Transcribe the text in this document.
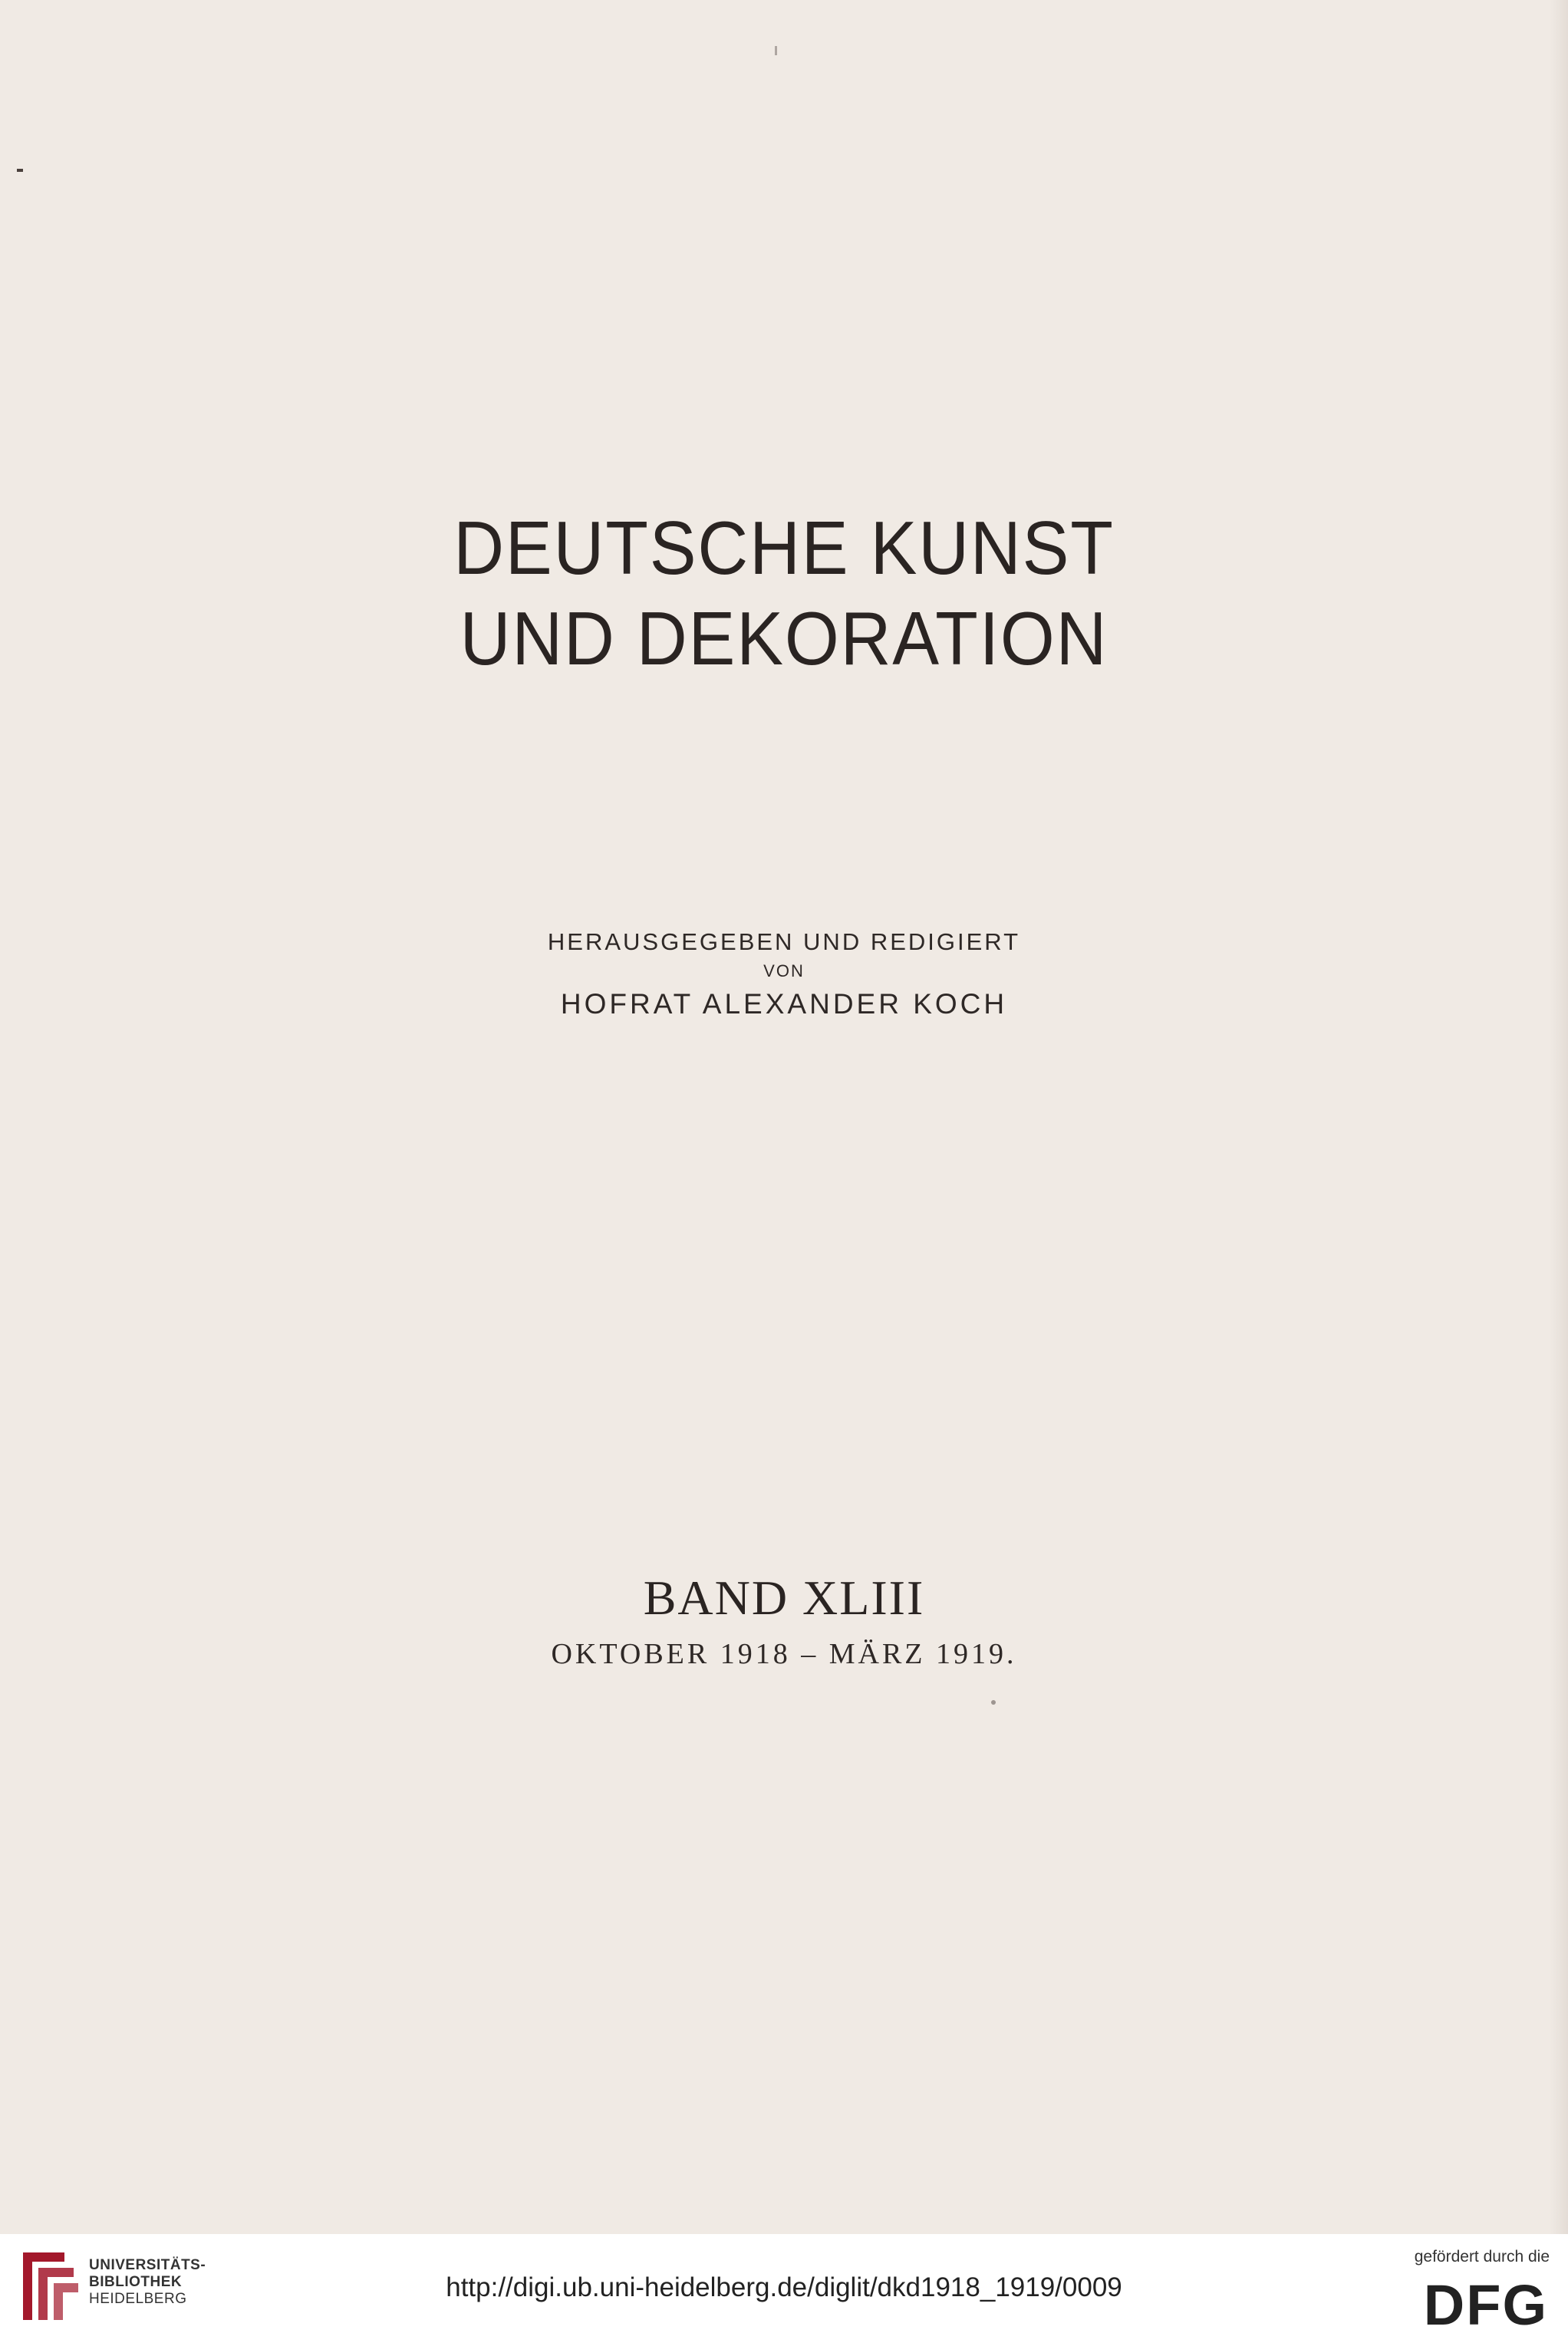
DEUTSCHE KUNST
UND DEKORATION
HERAUSGEGEBEN UND REDIGIERT
VON
HOFRAT ALEXANDER KOCH
BAND XLIII
OKTOBER 1918 – MÄRZ 1919.
UNIVERSITÄTS-
BIBLIOTHEK
HEIDELBERG	http://digi.ub.uni-heidelberg.de/diglit/dkd1918_1919/0009
gefördert durch die
DFG
